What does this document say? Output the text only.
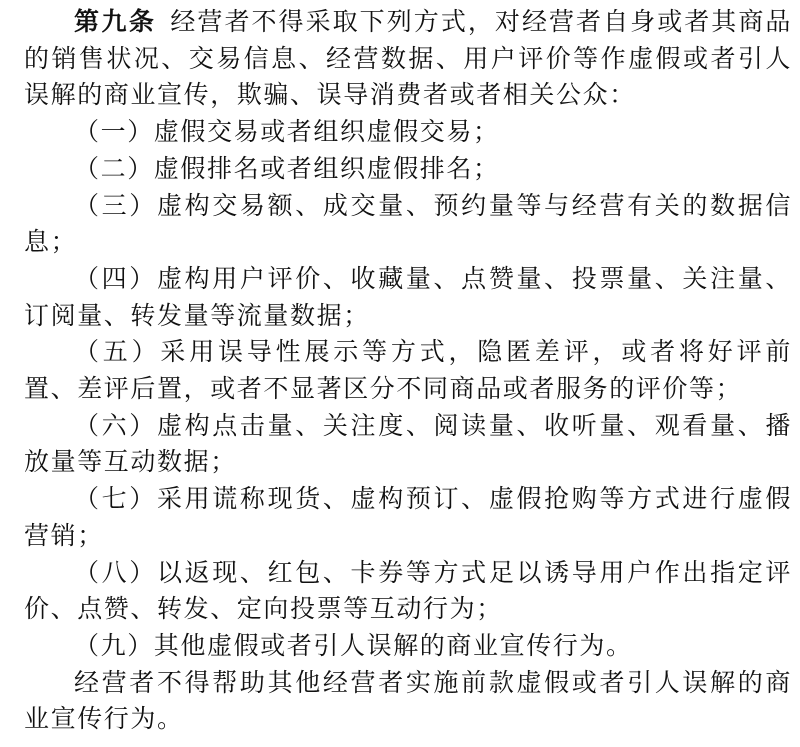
第九条 经营者不得采取下列方式，对经营者自身或者其商品的销售状况、交易信息、经营数据、用户评价等作虚假或者引人误解的商业宣传，欺骗、误导消费者或者相关公众：

（一）虚假交易或者组织虚假交易；

（二）虚假排名或者组织虚假排名；

（三）虚构交易额、成交量、预约量等与经营有关的数据信息；

（四）虚构用户评价、收藏量、点赞量、投票量、关注量、订阅量、转发量等流量数据；

（五）采用误导性展示等方式，隐匿差评，或者将好评前置、差评后置，或者不显著区分不同商品或者服务的评价等；

（六）虚构点击量、关注度、阅读量、收听量、观看量、播放量等互动数据；

（七）采用谎称现货、虚构预订、虚假抢购等方式进行虚假营销；

（八）以返现、红包、卡券等方式足以诱导用户作出指定评价、点赞、转发、定向投票等互动行为；

（九）其他虚假或者引人误解的商业宣传行为。

经营者不得帮助其他经营者实施前款虚假或者引人误解的商业宣传行为。
